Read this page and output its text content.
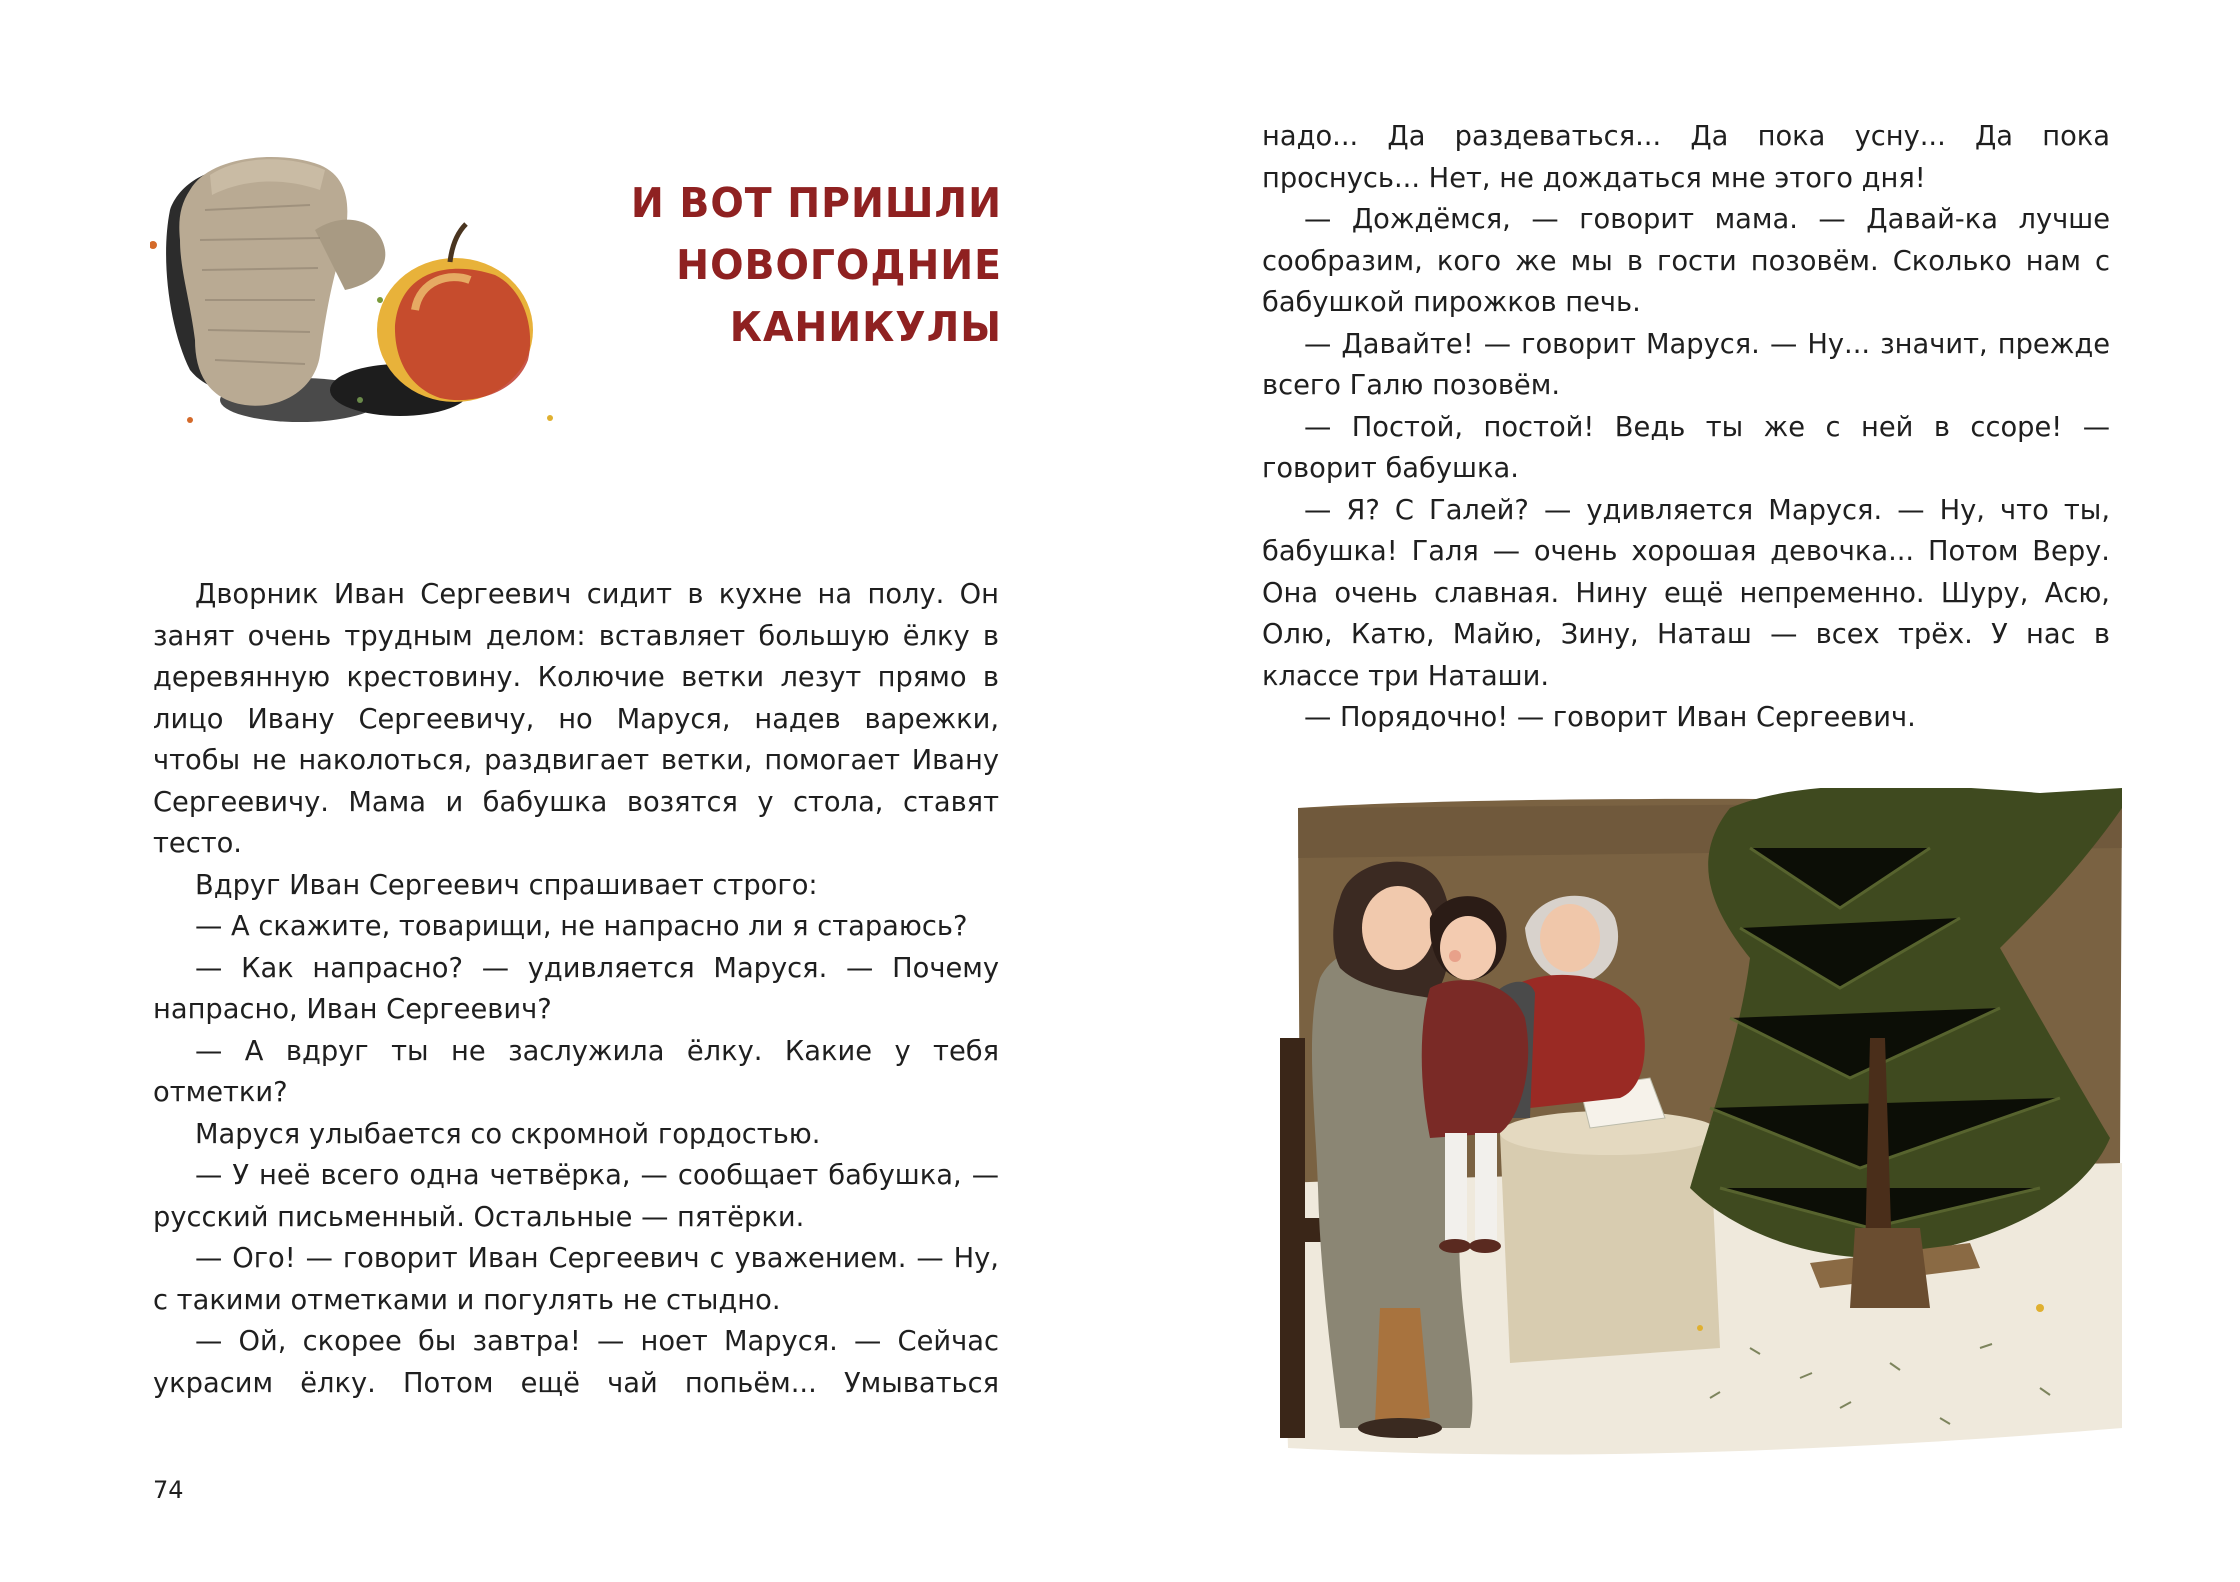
И ВОТ ПРИШЛИ
НОВОГОДНИЕ
КАНИКУЛЫ

Дворник Иван Сергеевич сидит в кухне на полу. Он занят очень трудным делом: вставляет большую ёлку в деревянную крестовину. Колючие ветки лезут прямо в лицо Ивану Сергеевичу, но Маруся, надев варежки, чтобы не наколоться, раздвигает ветки, помогает Ивану Сергеевичу. Мама и бабушка возятся у стола, ставят тесто.

Вдруг Иван Сергеевич спрашивает строго:

— А скажите, товарищи, не напрасно ли я стараюсь?

— Как напрасно? — удивляется Маруся. — Почему напрасно, Иван Сергеевич?

— А вдруг ты не заслужила ёлку. Какие у тебя отметки?

Маруся улыбается со скромной гордостью.

— У неё всего одна четвёрка, — сообщает бабушка, — русский письменный. Остальные — пятёрки.

— Ого! — говорит Иван Сергеевич с уважением. — Ну, с такими отметками и погулять не стыдно.

— Ой, скорее бы завтра! — ноет Маруся. — Сейчас украсим ёлку. Потом ещё чай попьём... Умываться

74

надо... Да раздеваться... Да пока усну... Да пока проснусь... Нет, не дождаться мне этого дня!

— Дождёмся, — говорит мама. — Давай-ка лучше сообразим, кого же мы в гости позовём. Сколько нам с бабушкой пирожков печь.

— Давайте! — говорит Маруся. — Ну... значит, прежде всего Галю позовём.

— Постой, постой! Ведь ты же с ней в ссоре! — говорит бабушка.

— Я? С Галей? — удивляется Маруся. — Ну, что ты, бабушка! Галя — очень хорошая девочка... Потом Веру. Она очень славная. Нину ещё непременно. Шуру, Асю, Олю, Катю, Майю, Зину, Наташ — всех трёх. У нас в классе три Наташи.

— Порядочно! — говорит Иван Сергеевич.
